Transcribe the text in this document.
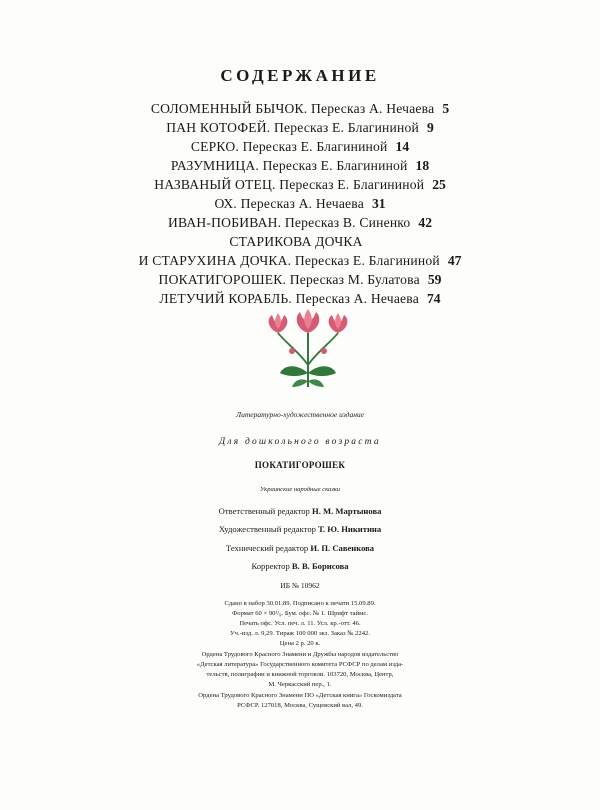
СОДЕРЖАНИЕ
СОЛОМЕННЫЙ БЫЧОК. Пересказ А. Нечаева 5
ПАН КОТОФЕЙ. Пересказ Е. Благининой 9
СЕРКО. Пересказ Е. Благининой 14
РАЗУМНИЦА. Пересказ Е. Благининой 18
НАЗВАНЫЙ ОТЕЦ. Пересказ Е. Благининой 25
ОХ. Пересказ А. Нечаева 31
ИВАН-ПОБИВАН. Пересказ В. Синенко 42
СТАРИКОВА ДОЧКА
И СТАРУХИНА ДОЧКА. Пересказ Е. Благининой 47
ПОКАТИГОРОШЕК. Пересказ М. Булатова 59
ЛЕТУЧИЙ КОРАБЛЬ. Пересказ А. Нечаева 74
Литературно-художественное издание
Для дошкольного возраста
ПОКАТИГОРОШЕК
Украинские народные сказки
Ответственный редактор Н. М. Мартынова
Художественный редактор Т. Ю. Никитина
Технический редактор И. П. Савенкова
Корректор В. В. Борисова
ИБ № 10962
Сдано в набор 30.01.89. Подписано к печати 15.09.89.
Формат 60 × 90¹/₈. Бум. офс. № 1. Шрифт таймс.
Печать офс. Усл. печ. л. 11. Усл. кр.-отт. 46.
Уч.-изд. л. 9,29. Тираж 100 000 экз. Заказ № 2242.
Цена 2 р. 20 к.
Ордена Трудового Красного Знамени и Дружбы народов издательство
«Детская литература» Государственного комитета РСФСР по делам изда-
тельств, полиграфии и книжной торговли. 103720, Москва, Центр,
М. Черкасский пер., 1.
Ордена Трудового Красного Знамени ПО «Детская книга» Госкомиздата
РСФСР. 127018, Москва, Сущевский вал, 49.
